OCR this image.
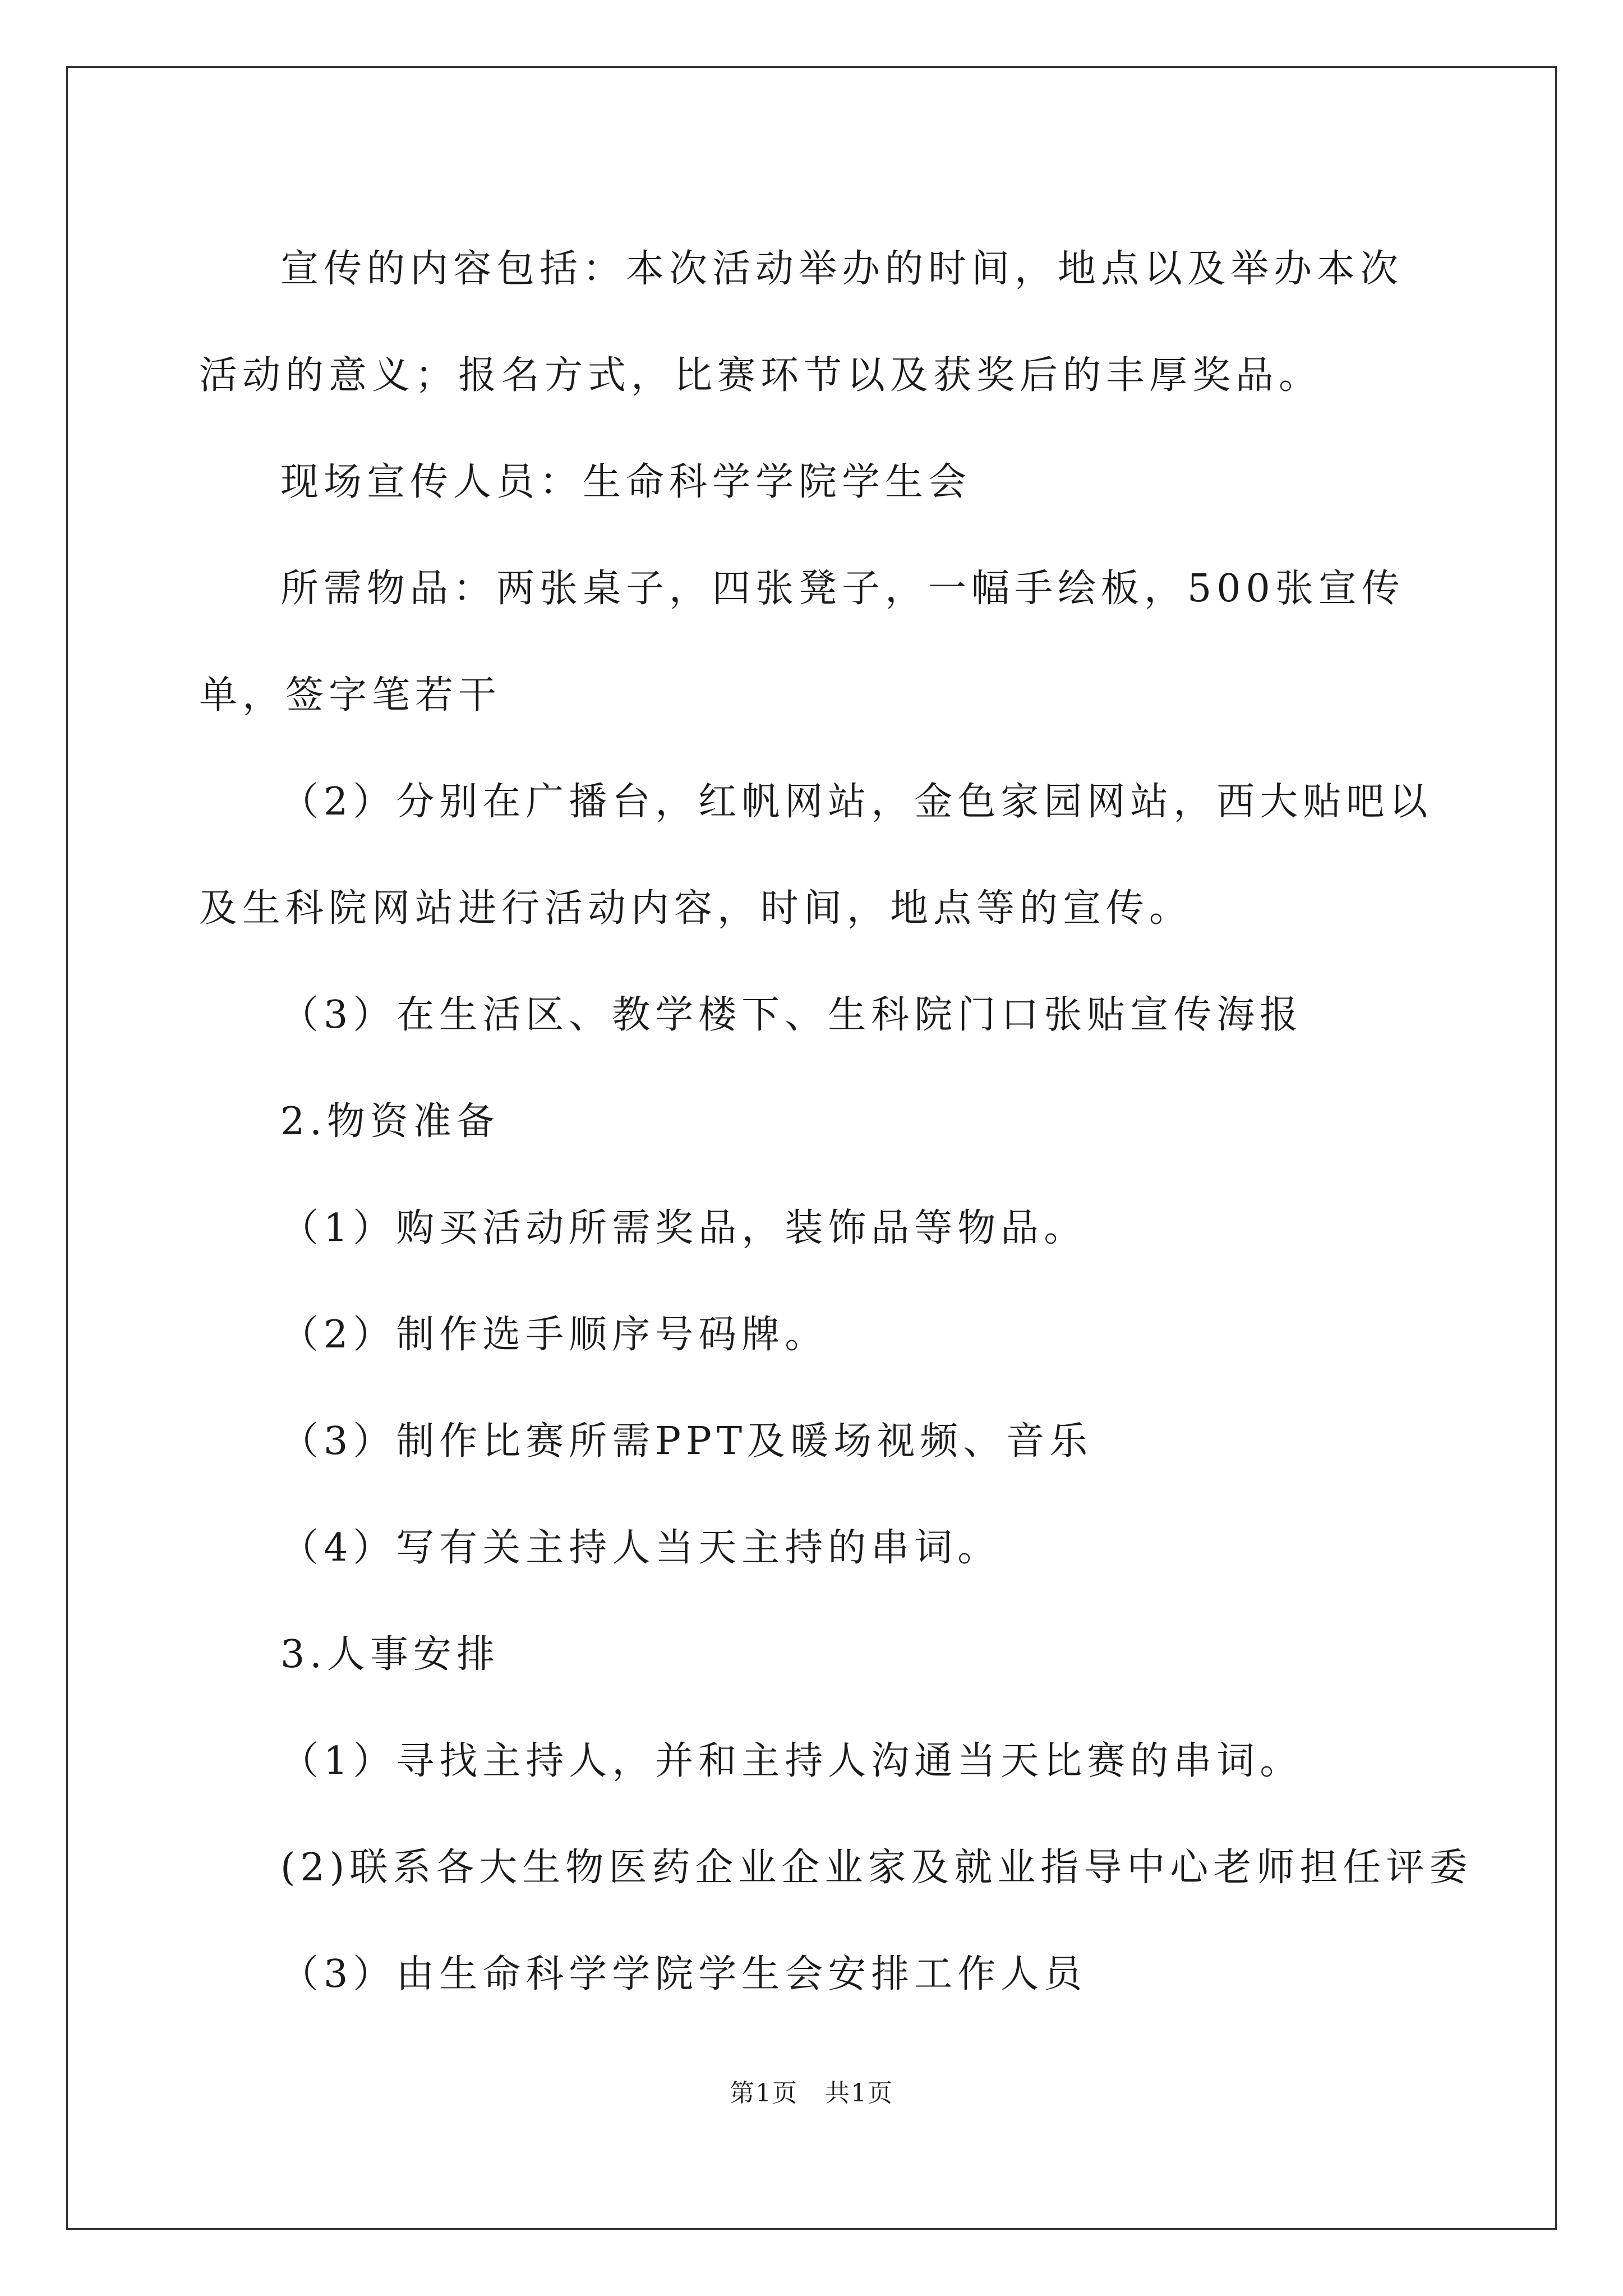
宣传的内容包括：本次活动举办的时间，地点以及举办本次活动的意义；报名方式，比赛环节以及获奖后的丰厚奖品。

现场宣传人员：生命科学学院学生会

所需物品：两张桌子，四张凳子，一幅手绘板，500张宣传单，签字笔若干

（2）分别在广播台，红帆网站，金色家园网站，西大贴吧以及生科院网站进行活动内容，时间，地点等的宣传。

（3）在生活区、教学楼下、生科院门口张贴宣传海报

2.物资准备

（1）购买活动所需奖品，装饰品等物品。

（2）制作选手顺序号码牌。

（3）制作比赛所需PPT及暖场视频、音乐

（4）写有关主持人当天主持的串词。

3.人事安排

（1）寻找主持人，并和主持人沟通当天比赛的串词。

(2)联系各大生物医药企业企业家及就业指导中心老师担任评委

（3）由生命科学学院学生会安排工作人员

第1页 共1页
